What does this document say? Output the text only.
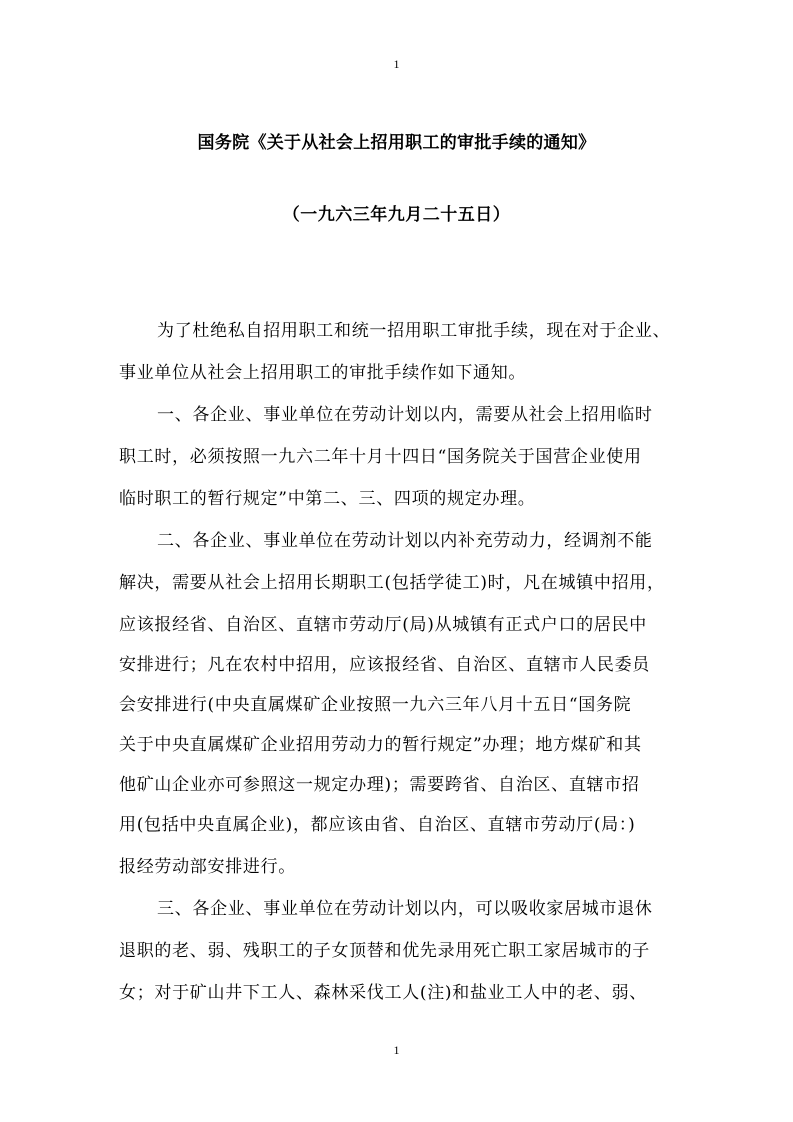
1
国务院《关于从社会上招用职工的审批手续的通知》
（一九六三年九月二十五日）
为了杜绝私自招用职工和统一招用职工审批手续，现在对于企业、
事业单位从社会上招用职工的审批手续作如下通知。
一、各企业、事业单位在劳动计划以内，需要从社会上招用临时
职工时，必须按照一九六二年十月十四日“国务院关于国营企业使用
临时职工的暂行规定”中第二、三、四项的规定办理。
二、各企业、事业单位在劳动计划以内补充劳动力，经调剂不能
解决，需要从社会上招用长期职工(包括学徒工)时，凡在城镇中招用，
应该报经省、自治区、直辖市劳动厅(局)从城镇有正式户口的居民中
安排进行；凡在农村中招用，应该报经省、自治区、直辖市人民委员
会安排进行(中央直属煤矿企业按照一九六三年八月十五日“国务院
关于中央直属煤矿企业招用劳动力的暂行规定”办理；地方煤矿和其
他矿山企业亦可参照这一规定办理)；需要跨省、自治区、直辖市招
用(包括中央直属企业)，都应该由省、自治区、直辖市劳动厅(局：)
报经劳动部安排进行。
三、各企业、事业单位在劳动计划以内，可以吸收家居城市退休
退职的老、弱、残职工的子女顶替和优先录用死亡职工家居城市的子
女；对于矿山井下工人、森林采伐工人(注)和盐业工人中的老、弱、
1
